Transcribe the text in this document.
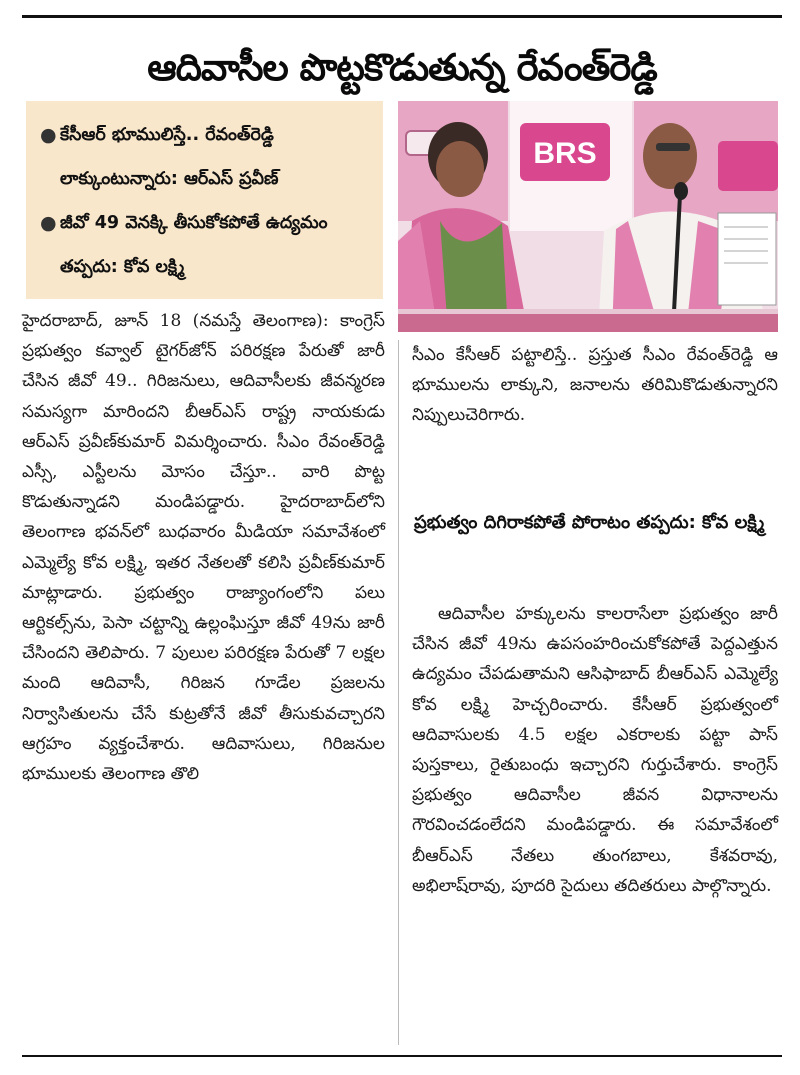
ఆదివాసీల పొట్టకొడుతున్న రేవంత్‌రెడ్డి
● కేసీఆర్ భూములిస్తే.. రేవంత్‌రెడ్డి లాక్కుంటున్నారు: ఆర్‌ఎస్ ప్రవీణ్
● జీవో 49 వెనక్కి తీసుకోకపోతే ఉద్యమం తప్పదు: కోవ లక్ష్మి
BRS

హైదరాబాద్, జూన్ 18 (నమస్తే తెలంగాణ): కాంగ్రెస్ ప్రభుత్వం కవ్వాల్ టైగర్‌జోన్ పరిరక్షణ పేరుతో జారీ చేసిన జీవో 49.. గిరిజనులు, ఆదివాసీలకు జీవన్మరణ సమస్యగా మారిందని బీఆర్‌ఎస్ రాష్ట్ర నాయకుడు ఆర్‌ఎస్ ప్రవీణ్‌కుమార్ విమర్శించారు. సీఎం రేవంత్‌రెడ్డి ఎస్సీ, ఎస్టీలను మోసం చేస్తూ.. వారి పొట్ట కొడుతున్నాడని మండిపడ్డారు. హైదరాబాద్‌లోని తెలంగాణ భవన్‌లో బుధవారం మీడియా సమావేశంలో ఎమ్మెల్యే కోవ లక్ష్మి, ఇతర నేతలతో కలిసి ప్రవీణ్‌కుమార్ మాట్లాడారు. ప్రభుత్వం రాజ్యాంగంలోని పలు ఆర్టికల్స్‌ను, పెసా చట్టాన్ని ఉల్లంఘిస్తూ జీవో 49ను జారీ చేసిందని తెలిపారు. 7 పులుల పరిరక్షణ పేరుతో 7 లక్షల మంది ఆదివాసీ, గిరిజన గూడేల ప్రజలను నిర్వాసితులను చేసే కుట్రతోనే జీవో తీసుకువచ్చారని ఆగ్రహం వ్యక్తంచేశారు. ఆదివాసులు, గిరిజనుల భూములకు తెలంగాణ తొలి

సీఎం కేసీఆర్ పట్టాలిస్తే.. ప్రస్తుత సీఎం రేవంత్‌రెడ్డి ఆ భూములను లాక్కుని, జనాలను తరిమికొడుతున్నారని నిప్పులుచెరిగారు.

ప్రభుత్వం దిగిరాకపోతే పోరాటం తప్పదు: కోవ లక్ష్మి

ఆదివాసీల హక్కులను కాలరాసేలా ప్రభుత్వం జారీ చేసిన జీవో 49ను ఉపసంహరించుకోకపోతే పెద్దఎత్తున ఉద్యమం చేపడుతామని ఆసిఫాబాద్ బీఆర్‌ఎస్ ఎమ్మెల్యే కోవ లక్ష్మి హెచ్చరించారు. కేసీఆర్ ప్రభుత్వంలో ఆదివాసులకు 4.5 లక్షల ఎకరాలకు పట్టా పాస్ పుస్తకాలు, రైతుబంధు ఇచ్చారని గుర్తుచేశారు. కాంగ్రెస్ ప్రభుత్వం ఆదివాసీల జీవన విధానాలను గౌరవించడంలేదని మండిపడ్డారు. ఈ సమావేశంలో బీఆర్‌ఎస్ నేతలు తుంగబాలు, కేశవరావు, అభిలాష్‌రావు, పూదరి సైదులు తదితరులు పాల్గొన్నారు.
